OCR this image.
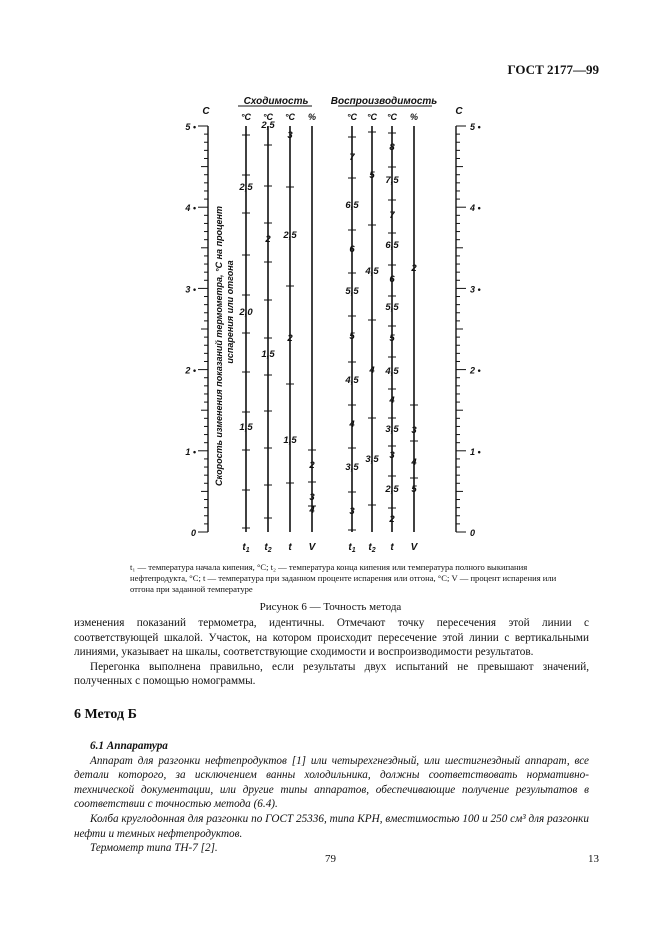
ГОСТ 2177—99
5 •
4 •
3 •
2 •
1 •
0
5 •
4 •
3 •
2 •
1 •
0
С	С
Сходимость Воспроизводимость
Скорость изменения показаний термометра, °С на процент испарения или отгона
2,5
2,0
1,5
°С
$t_1$
2,5
2
1,5
°С
$t_2$
3
2,5
2
1,5
°С
t
2
3
4
%
V
7
6,5
6
5,5
5
4,5
4
3,5
3
°С
$t_1$
5
4,5
4
3,5
°С
$t_2$
8
7,5
7
6,5
6
5,5
5
4,5
4
3,5
3
2,5
2
°С
t
2
3
4
5
%
V
t₁ — температура начала кипения, °С; t₂ — температура конца кипения или температура полного выкипания нефтепродукта, °С; t — температура при заданном проценте испарения или отгона, °С; V — процент испарения или отгона при заданной температуре
Рисунок 6 — Точность метода

изменения показаний термометра, идентичны. Отмечают точку пересечения этой линии с соответствующей шкалой. Участок, на котором происходит пересечение этой линии с вертикальными линиями, указывает на шкалы, соответствующие сходимости и воспроизводимости результатов.

Перегонка выполнена правильно, если результаты двух испытаний не превышают значений, полученных с помощью номограммы.

6 Метод Б

6.1 Аппаратура

Аппарат для разгонки нефтепродуктов [1] или четырехгнездный, или шестигнездный аппарат, все детали которого, за исключением ванны холодильника, должны соответствовать нормативно-технической документации, или другие типы аппаратов, обеспечивающие получение результатов в соответствии с точностью метода (6.4).

Колба круглодонная для разгонки по ГОСТ 25336, типа КРН, вместимостью 100 и 250 см³ для разгонки нефти и темных нефтепродуктов.

Термометр типа ТН-7 [2].

79	13
